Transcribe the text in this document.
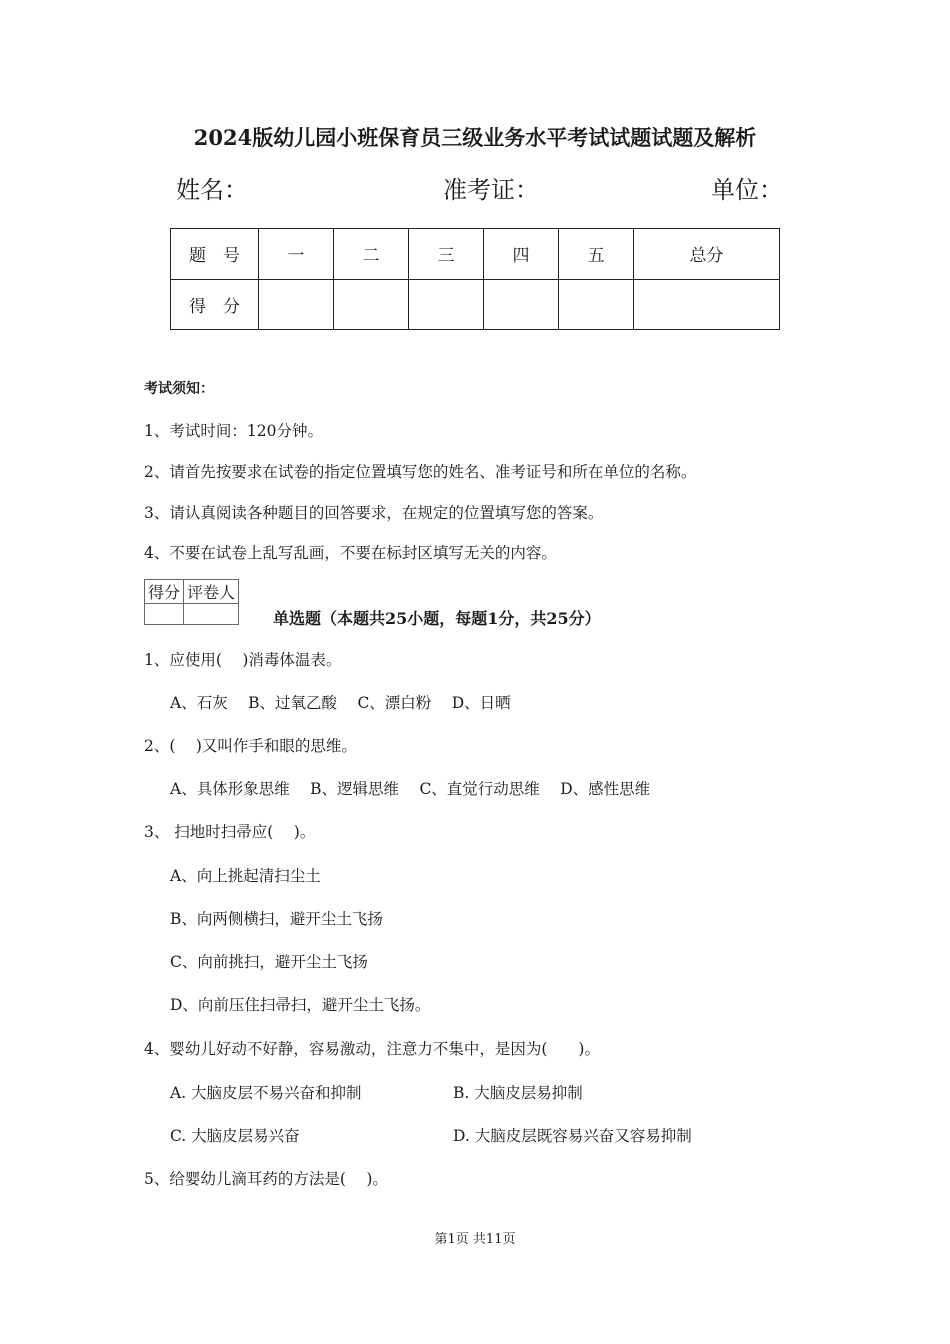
2024版幼儿园小班保育员三级业务水平考试试题试题及解析
姓名：	准考证：	单位：
题　号	一	二	三	四	五	总分
得　分						
考试须知：
1、考试时间：120分钟。
2、请首先按要求在试卷的指定位置填写您的姓名、准考证号和所在单位的名称。
3、请认真阅读各种题目的回答要求，在规定的位置填写您的答案。
4、不要在试卷上乱写乱画，不要在标封区填写无关的内容。
得分	评卷人

单选题（本题共25小题，每题1分，共25分）
1、应使用(　 )消毒体温表。
A、石灰　 B、过氧乙酸　 C、漂白粉　 D、日晒
2、(　 )又叫作手和眼的思维。
A、具体形象思维　 B、逻辑思维　 C、直觉行动思维　 D、感性思维
3、 扫地时扫帚应(　 )。
A、向上挑起清扫尘土
B、向两侧横扫，避开尘土飞扬
C、向前挑扫，避开尘土飞扬
D、向前压住扫帚扫，避开尘土飞扬。
4、婴幼儿好动不好静，容易激动，注意力不集中，是因为(　　)。
A. 大脑皮层不易兴奋和抑制	B. 大脑皮层易抑制
C. 大脑皮层易兴奋	D. 大脑皮层既容易兴奋又容易抑制
5、给婴幼儿滴耳药的方法是(　 )。
第1页 共11页
